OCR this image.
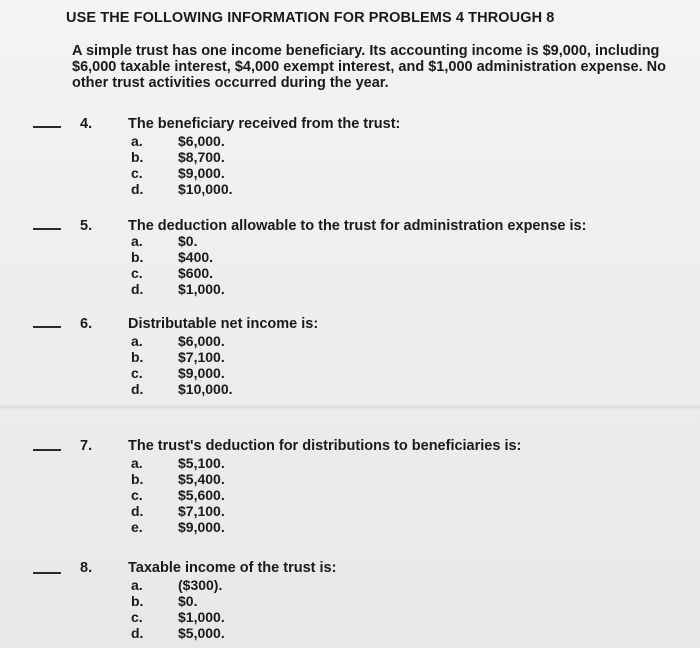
USE THE FOLLOWING INFORMATION FOR PROBLEMS 4 THROUGH 8
A simple trust has one income beneficiary. Its accounting income is $9,000, including $6,000 taxable interest, $4,000 exempt interest, and $1,000 administration expense. No other trust activities occurred during the year.
4. The beneficiary received from the trust:
a.	$6,000.
b. $8,700.
c.	$9,000.
d. $10,000.
5. The deduction allowable to the trust for administration expense is:
a.	$0.
b. $400.
c.	$600.
d. $1,000.
6. Distributable net income is:
a.	$6,000.
b. $7,100.
c.	$9,000.
d. $10,000.
7. The trust's deduction for distributions to beneficiaries is:
a.	$5,100.
b. $5,400.
c.	$5,600.
d. $7,100.
e.	$9,000.
8. Taxable income of the trust is:
a.	($300).
b. $0.
c.	$1,000.
d. $5,000.
